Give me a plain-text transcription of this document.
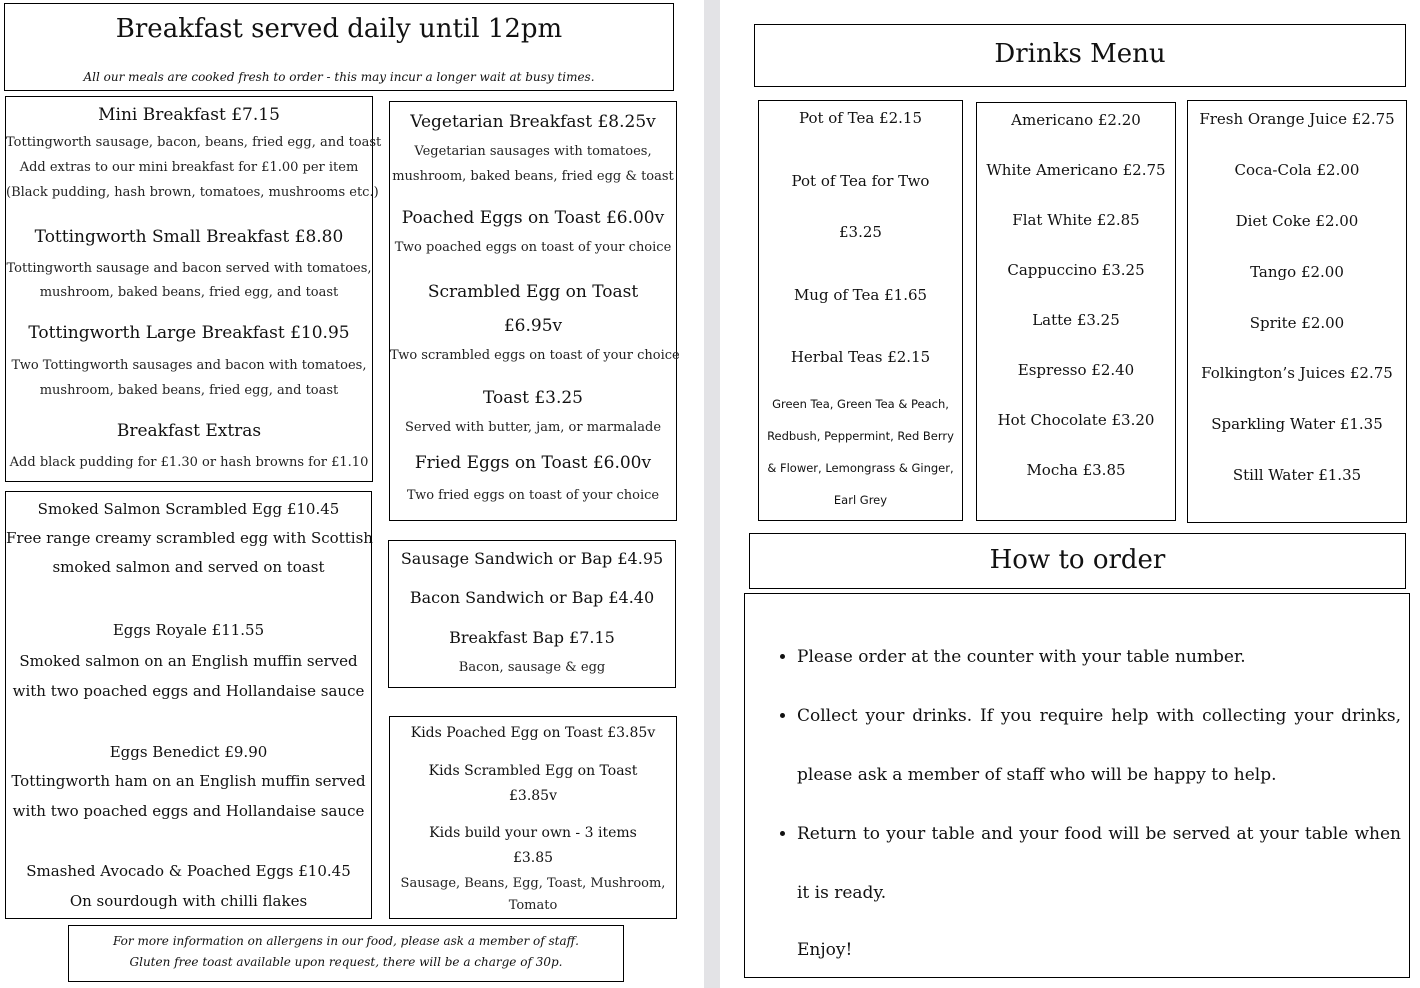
Breakfast served daily until 12pm
All our meals are cooked fresh to order - this may incur a longer wait at busy times.
Mini Breakfast £7.15
Tottingworth sausage, bacon, beans, fried egg, and toast
Add extras to our mini breakfast for £1.00 per item
(Black pudding, hash brown, tomatoes, mushrooms etc.)
Tottingworth Small Breakfast £8.80
Tottingworth sausage and bacon served with tomatoes,
mushroom, baked beans, fried egg, and toast
Tottingworth Large Breakfast £10.95
Two Tottingworth sausages and bacon with tomatoes,
mushroom, baked beans, fried egg, and toast
Breakfast Extras
Add black pudding for £1.30 or hash browns for £1.10
Vegetarian Breakfast £8.25v
Vegetarian sausages with tomatoes,
mushroom, baked beans, fried egg & toast
Poached Eggs on Toast £6.00v
Two poached eggs on toast of your choice
Scrambled Egg on Toast
£6.95v
Two scrambled eggs on toast of your choice
Toast £3.25
Served with butter, jam, or marmalade
Fried Eggs on Toast £6.00v
Two fried eggs on toast of your choice
Smoked Salmon Scrambled Egg £10.45
Free range creamy scrambled egg with Scottish
smoked salmon and served on toast
Eggs Royale £11.55
Smoked salmon on an English muffin served
with two poached eggs and Hollandaise sauce
Eggs Benedict £9.90
Tottingworth ham on an English muffin served
with two poached eggs and Hollandaise sauce
Smashed Avocado & Poached Eggs £10.45
On sourdough with chilli flakes
Sausage Sandwich or Bap £4.95
Bacon Sandwich or Bap £4.40
Breakfast Bap £7.15
Bacon, sausage & egg
Kids Poached Egg on Toast £3.85v
Kids Scrambled Egg on Toast
£3.85v
Kids build your own - 3 items
£3.85
Sausage, Beans, Egg, Toast, Mushroom,
Tomato
For more information on allergens in our food, please ask a member of staff.
Gluten free toast available upon request, there will be a charge of 30p.
Drinks Menu
Pot of Tea £2.15
Pot of Tea for Two
£3.25
Mug of Tea £1.65
Herbal Teas £2.15
Green Tea, Green Tea & Peach,
Redbush, Peppermint, Red Berry
& Flower, Lemongrass & Ginger,
Earl Grey
Americano £2.20
White Americano £2.75
Flat White £2.85
Cappuccino £3.25
Latte £3.25
Espresso £2.40
Hot Chocolate £3.20
Mocha £3.85
Fresh Orange Juice £2.75
Coca-Cola £2.00
Diet Coke £2.00
Tango £2.00
Sprite £2.00
Folkington’s Juices £2.75
Sparkling Water £1.35
Still Water £1.35
How to order
• Please order at the counter with your table number.
• Collect your drinks. If you require help with collecting your drinks, please ask a member of staff who will be happy to help.
• Return to your table and your food will be served at your table when it is ready.
Enjoy!
